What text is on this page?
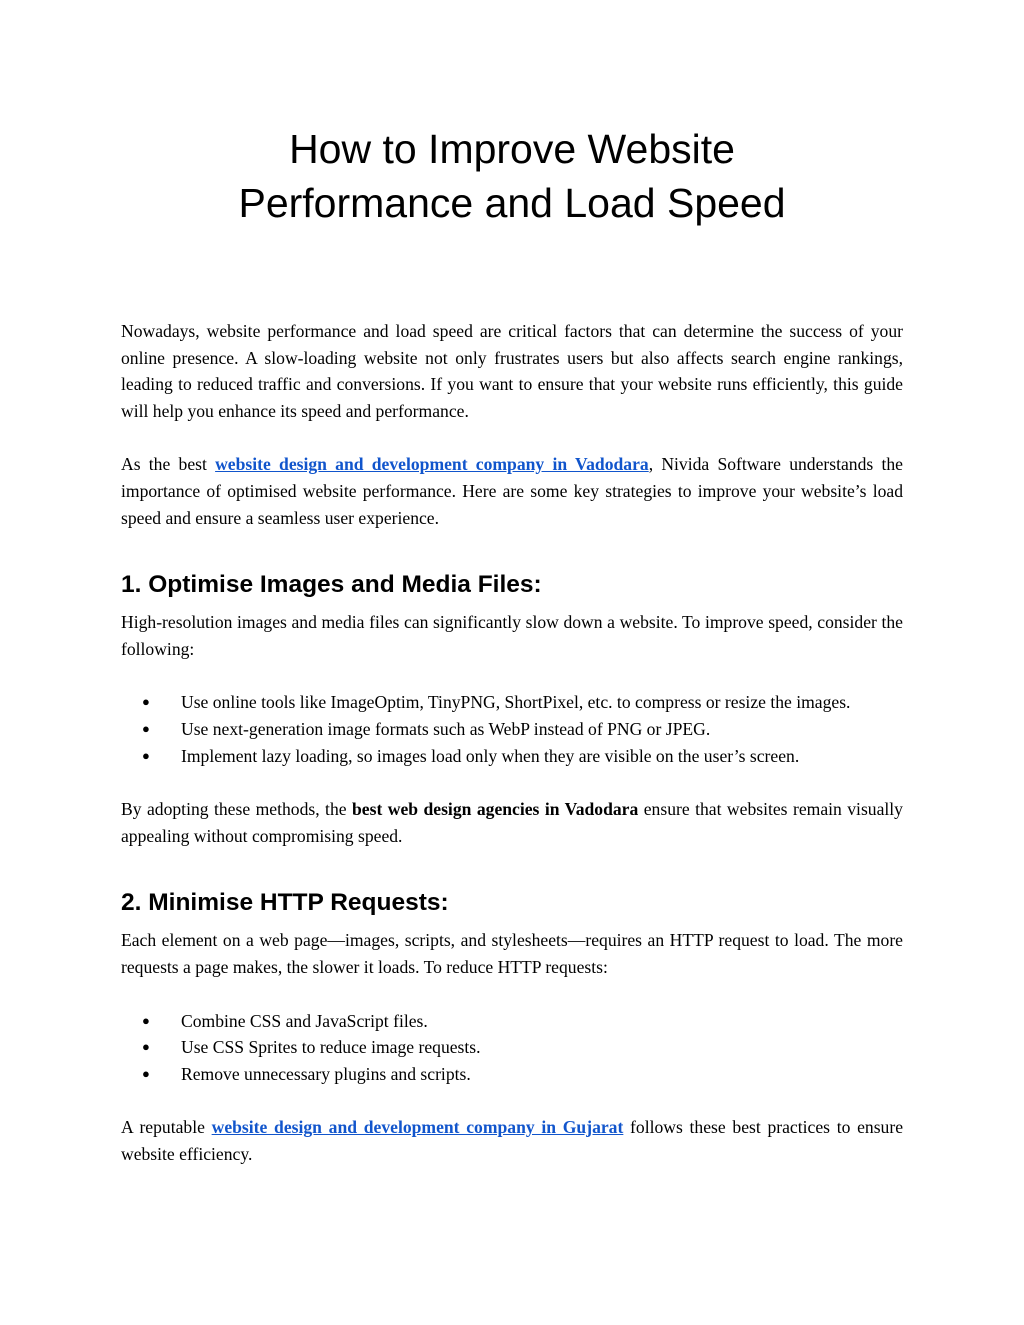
How to Improve Website
Performance and Load Speed

Nowadays, website performance and load speed are critical factors that can determine the success of your online presence. A slow-loading website not only frustrates users but also affects search engine rankings, leading to reduced traffic and conversions. If you want to ensure that your website runs efficiently, this guide will help you enhance its speed and performance.

As the best website design and development company in Vadodara, Nivida Software understands the importance of optimised website performance. Here are some key strategies to improve your website’s load speed and ensure a seamless user experience.

1. Optimise Images and Media Files:

High-resolution images and media files can significantly slow down a website. To improve speed, consider the following:

● Use online tools like ImageOptim, TinyPNG, ShortPixel, etc. to compress or resize the images.
● Use next-generation image formats such as WebP instead of PNG or JPEG.
● Implement lazy loading, so images load only when they are visible on the user’s screen.

By adopting these methods, the best web design agencies in Vadodara ensure that websites remain visually appealing without compromising speed.

2. Minimise HTTP Requests:

Each element on a web page—images, scripts, and stylesheets—requires an HTTP request to load. The more requests a page makes, the slower it loads. To reduce HTTP requests:

● Combine CSS and JavaScript files.
● Use CSS Sprites to reduce image requests.
● Remove unnecessary plugins and scripts.

A reputable website design and development company in Gujarat follows these best practices to ensure website efficiency.
